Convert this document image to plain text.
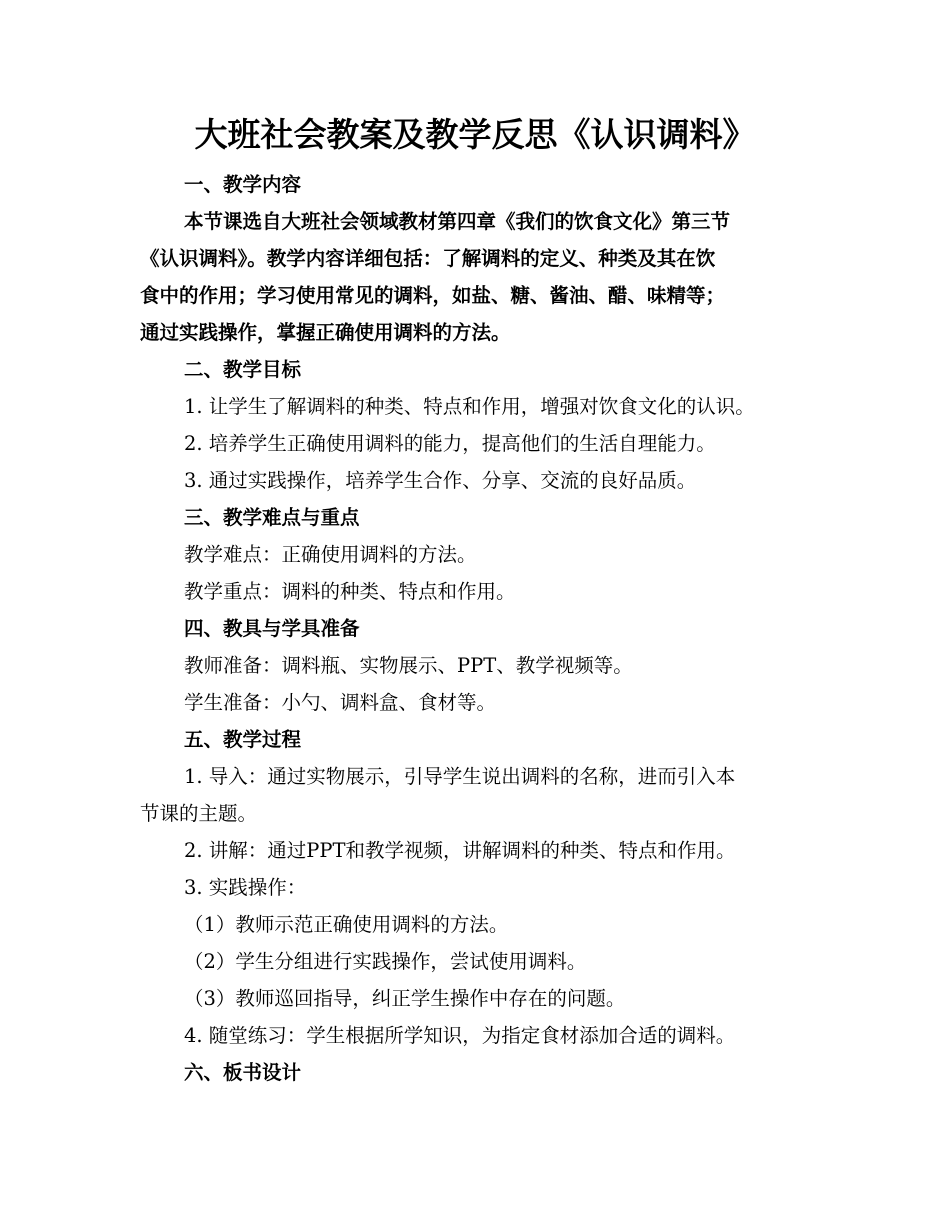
大班社会教案及教学反思《认识调料》
一、教学内容
本节课选自大班社会领域教材第四章《我们的饮食文化》第三节
《认识调料》。教学内容详细包括：了解调料的定义、种类及其在饮
食中的作用；学习使用常见的调料，如盐、糖、酱油、醋、味精等；
通过实践操作，掌握正确使用调料的方法。
二、教学目标
1. 让学生了解调料的种类、特点和作用，增强对饮食文化的认识。
2. 培养学生正确使用调料的能力，提高他们的生活自理能力。
3. 通过实践操作，培养学生合作、分享、交流的良好品质。
三、教学难点与重点
教学难点：正确使用调料的方法。
教学重点：调料的种类、特点和作用。
四、教具与学具准备
教师准备：调料瓶、实物展示、PPT、教学视频等。
学生准备：小勺、调料盒、食材等。
五、教学过程
1. 导入：通过实物展示，引导学生说出调料的名称，进而引入本
节课的主题。
2. 讲解：通过PPT和教学视频，讲解调料的种类、特点和作用。
3. 实践操作：
（1）教师示范正确使用调料的方法。
（2）学生分组进行实践操作，尝试使用调料。
（3）教师巡回指导，纠正学生操作中存在的问题。
4. 随堂练习：学生根据所学知识，为指定食材添加合适的调料。
六、板书设计
